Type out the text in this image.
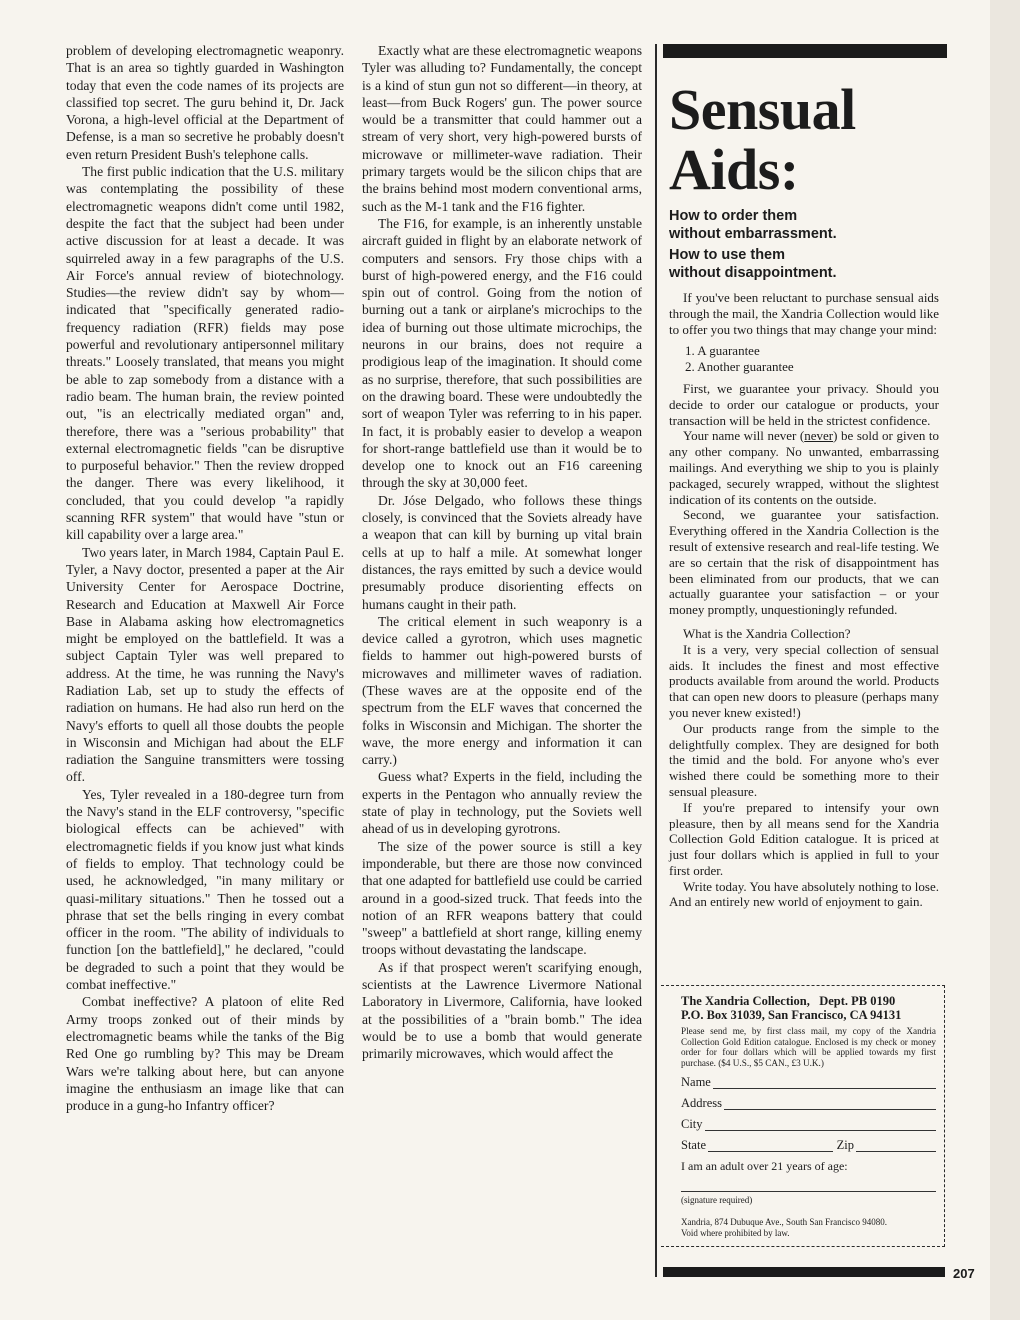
problem of developing electromagnetic weaponry. That is an area so tightly guarded in Washington today that even the code names of its projects are classified top secret. The guru behind it, Dr. Jack Vorona, a high-level official at the Department of Defense, is a man so secretive he probably doesn't even return President Bush's telephone calls.

The first public indication that the U.S. military was contemplating the possibility of these electromagnetic weapons didn't come until 1982, despite the fact that the subject had been under active discussion for at least a decade. It was squirreled away in a few paragraphs of the U.S. Air Force's annual review of biotechnology. Studies—the review didn't say by whom—indicated that "specifically generated radio-frequency radiation (RFR) fields may pose powerful and revolutionary antipersonnel military threats." Loosely translated, that means you might be able to zap somebody from a distance with a radio beam. The human brain, the review pointed out, "is an electrically mediated organ" and, therefore, there was a "serious probability" that external electromagnetic fields "can be disruptive to purposeful behavior." Then the review dropped the danger. There was every likelihood, it concluded, that you could develop "a rapidly scanning RFR system" that would have "stun or kill capability over a large area."

Two years later, in March 1984, Captain Paul E. Tyler, a Navy doctor, presented a paper at the Air University Center for Aerospace Doctrine, Research and Education at Maxwell Air Force Base in Alabama asking how electromagnetics might be employed on the battlefield. It was a subject Captain Tyler was well prepared to address. At the time, he was running the Navy's Radiation Lab, set up to study the effects of radiation on humans. He had also run herd on the Navy's efforts to quell all those doubts the people in Wisconsin and Michigan had about the ELF radiation the Sanguine transmitters were tossing off.

Yes, Tyler revealed in a 180-degree turn from the Navy's stand in the ELF controversy, "specific biological effects can be achieved" with electromagnetic fields if you know just what kinds of fields to employ. That technology could be used, he acknowledged, "in many military or quasi-military situations." Then he tossed out a phrase that set the bells ringing in every combat officer in the room. "The ability of individuals to function [on the battlefield]," he declared, "could be degraded to such a point that they would be combat ineffective."

Combat ineffective? A platoon of elite Red Army troops zonked out of their minds by electromagnetic beams while the tanks of the Big Red One go rumbling by? This may be Dream Wars we're talking about here, but can anyone imagine the enthusiasm an image like that can produce in a gung-ho Infantry officer?

Exactly what are these electromagnetic weapons Tyler was alluding to? Fundamentally, the concept is a kind of stun gun not so different—in theory, at least—from Buck Rogers' gun. The power source would be a transmitter that could hammer out a stream of very short, very high-powered bursts of microwave or millimeter-wave radiation. Their primary targets would be the silicon chips that are the brains behind most modern conventional arms, such as the M-1 tank and the F16 fighter.

The F16, for example, is an inherently unstable aircraft guided in flight by an elaborate network of computers and sensors. Fry those chips with a burst of high-powered energy, and the F16 could spin out of control. Going from the notion of burning out a tank or airplane's microchips to the idea of burning out those ultimate microchips, the neurons in our brains, does not require a prodigious leap of the imagination. It should come as no surprise, therefore, that such possibilities are on the drawing board. These were undoubtedly the sort of weapon Tyler was referring to in his paper. In fact, it is probably easier to develop a weapon for short-range battlefield use than it would be to develop one to knock out an F16 careening through the sky at 30,000 feet.

Dr. Jóse Delgado, who follows these things closely, is convinced that the Soviets already have a weapon that can kill by burning up vital brain cells at up to half a mile. At somewhat longer distances, the rays emitted by such a device would presumably produce disorienting effects on humans caught in their path.

The critical element in such weaponry is a device called a gyrotron, which uses magnetic fields to hammer out high-powered bursts of microwaves and millimeter waves of radiation. (These waves are at the opposite end of the spectrum from the ELF waves that concerned the folks in Wisconsin and Michigan. The shorter the wave, the more energy and information it can carry.)

Guess what? Experts in the field, including the experts in the Pentagon who annually review the state of play in technology, put the Soviets well ahead of us in developing gyrotrons.

The size of the power source is still a key imponderable, but there are those now convinced that one adapted for battlefield use could be carried around in a good-sized truck. That feeds into the notion of an RFR weapons battery that could "sweep" a battlefield at short range, killing enemy troops without devastating the landscape.

As if that prospect weren't scarifying enough, scientists at the Lawrence Livermore National Laboratory in Livermore, California, have looked at the possibilities of a "brain bomb." The idea would be to use a bomb that would generate primarily microwaves, which would affect the

Sensual
Aids:
How to order them
without embarrassment.
How to use them
without disappointment.

If you've been reluctant to purchase sensual aids through the mail, the Xandria Collection would like to offer you two things that may change your mind:

1. A guarantee
2. Another guarantee

First, we guarantee your privacy. Should you decide to order our catalogue or products, your transaction will be held in the strictest confidence.

Your name will never (never) be sold or given to any other company. No unwanted, embarrassing mailings. And everything we ship to you is plainly packaged, securely wrapped, without the slightest indication of its contents on the outside.

Second, we guarantee your satisfaction. Everything offered in the Xandria Collection is the result of extensive research and real-life testing. We are so certain that the risk of disappointment has been eliminated from our products, that we can actually guarantee your satisfaction – or your money promptly, unquestioningly refunded.

What is the Xandria Collection?

It is a very, very special collection of sensual aids. It includes the finest and most effective products available from around the world. Products that can open new doors to pleasure (perhaps many you never knew existed!)

Our products range from the simple to the delightfully complex. They are designed for both the timid and the bold. For anyone who's ever wished there could be something more to their sensual pleasure.

If you're prepared to intensify your own pleasure, then by all means send for the Xandria Collection Gold Edition catalogue. It is priced at just four dollars which is applied in full to your first order.

Write today. You have absolutely nothing to lose. And an entirely new world of enjoyment to gain.

The Xandria Collection, Dept. PB 0190
P.O. Box 31039, San Francisco, CA 94131
Please send me, by first class mail, my copy of the Xandria Collection Gold Edition catalogue. Enclosed is my check or money order for four dollars which will be applied towards my first purchase. ($4 U.S., $5 CAN., £3 U.K.)
Name
Address
City
State	Zip
I am an adult over 21 years of age:
(signature required)
Xandria, 874 Dubuque Ave., South San Francisco 94080.
Void where prohibited by law.
207
